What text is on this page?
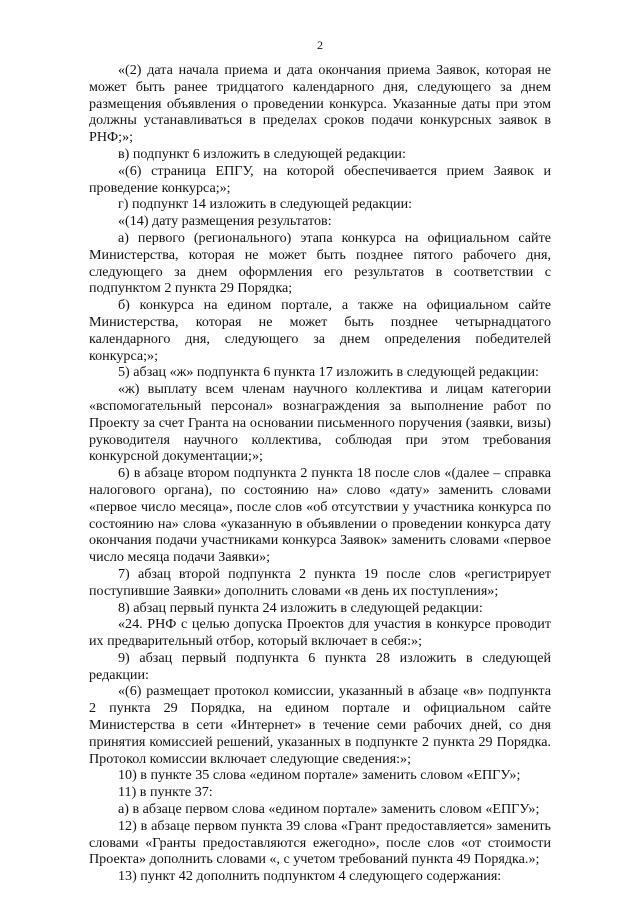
2

«(2) дата начала приема и дата окончания приема Заявок, которая не может быть ранее тридцатого календарного дня, следующего за днем размещения объявления о проведении конкурса. Указанные даты при этом должны устанавливаться в пределах сроков подачи конкурсных заявок в РНФ;»;

в) подпункт 6 изложить в следующей редакции:

«(6) страница ЕПГУ, на которой обеспечивается прием Заявок и проведение конкурса;»;

г) подпункт 14 изложить в следующей редакции:

«(14) дату размещения результатов:

а) первого (регионального) этапа конкурса на официальном сайте Министерства, которая не может быть позднее пятого рабочего дня, следующего за днем оформления его результатов в соответствии с подпунктом 2 пункта 29 Порядка;

б) конкурса на едином портале, а также на официальном сайте Министерства, которая не может быть позднее четырнадцатого календарного дня, следующего за днем определения победителей конкурса;»;

5) абзац «ж» подпункта 6 пункта 17 изложить в следующей редакции:

«ж) выплату всем членам научного коллектива и лицам категории «вспомогательный персонал» вознаграждения за выполнение работ по Проекту за счет Гранта на основании письменного поручения (заявки, визы) руководителя научного коллектива, соблюдая при этом требования конкурсной документации;»;

6) в абзаце втором подпункта 2 пункта 18 после слов «(далее – справка налогового органа), по состоянию на» слово «дату» заменить словами «первое число месяца», после слов «об отсутствии у участника конкурса по состоянию на» слова «указанную в объявлении о проведении конкурса дату окончания подачи участниками конкурса Заявок» заменить словами «первое число месяца подачи Заявки»;

7) абзац второй подпункта 2 пункта 19 после слов «регистрирует поступившие Заявки» дополнить словами «в день их поступления»;

8) абзац первый пункта 24 изложить в следующей редакции:

«24. РНФ с целью допуска Проектов для участия в конкурсе проводит их предварительный отбор, который включает в себя:»;

9) абзац первый подпункта 6 пункта 28 изложить в следующей редакции:

«(6) размещает протокол комиссии, указанный в абзаце «в» подпункта 2 пункта 29 Порядка, на едином портале и официальном сайте Министерства в сети «Интернет» в течение семи рабочих дней, со дня принятия комиссией решений, указанных в подпункте 2 пункта 29 Порядка. Протокол комиссии включает следующие сведения:»;

10) в пункте 35 слова «едином портале» заменить словом «ЕПГУ»;

11) в пункте 37:

а) в абзаце первом слова «едином портале» заменить словом «ЕПГУ»;

12) в абзаце первом пункта 39 слова «Грант предоставляется» заменить словами «Гранты предоставляются ежегодно», после слов «от стоимости Проекта» дополнить словами «, с учетом требований пункта 49 Порядка.»;

13) пункт 42 дополнить подпунктом 4 следующего содержания:
